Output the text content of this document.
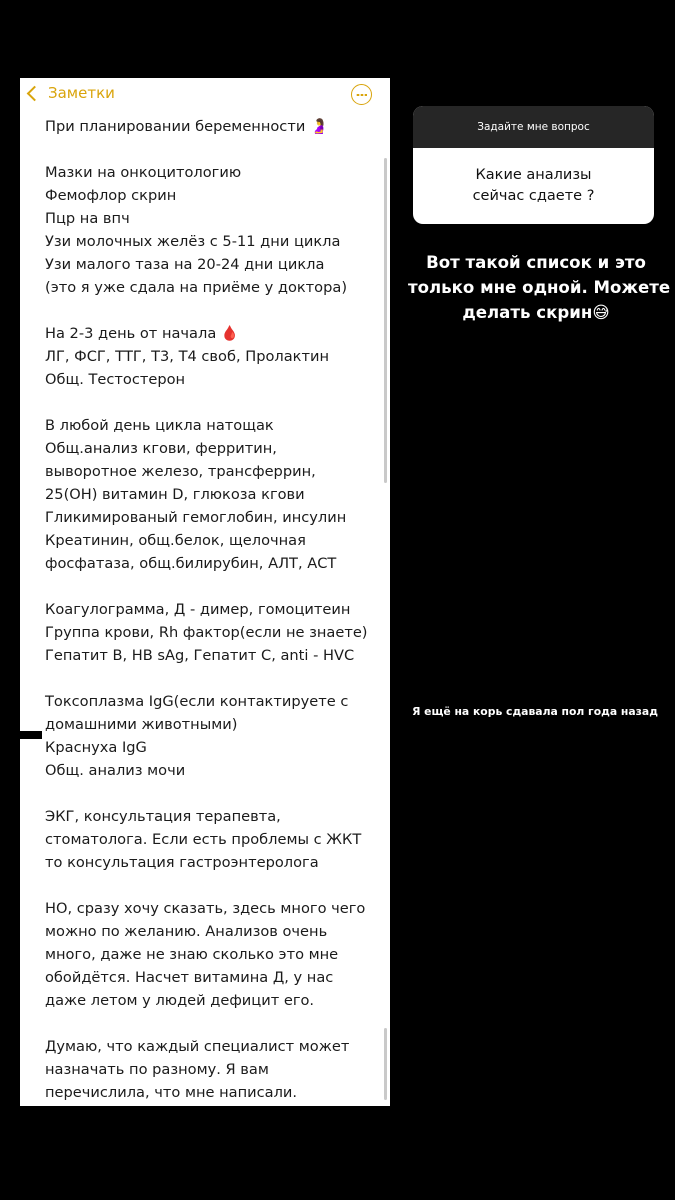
Заметки

При планировании беременности 🤰

Мазки на онкоцитологию

Фемофлор скрин

Пцр на впч

Узи молочных желёз с 5-11 дни цикла

Узи малого таза на 20-24 дни цикла

(это я уже сдала на приёме у доктора)

На 2-3 день от начала 🩸

ЛГ, ФСГ, ТТГ, Т3, Т4 своб, Пролактин

Общ. Тестостерон

В любой день цикла натощак

Общ.анализ кгови, ферритин,

выворотное железо, трансферрин,

25(ОН) витамин D, глюкоза кгови

Гликимированый гемоглобин, инсулин

Креатинин, общ.белок, щелочная

фосфатаза, общ.билирубин, АЛТ, АСТ

Коагулограмма, Д - димер, гомоцитеин

Группа крови, Rh фактор(если не знаете)

Гепатит В, HB sAg, Гепатит С, anti - HVC

Токсоплазма IgG(если контактируете с

домашними животными)

Краснуха IgG

Общ. анализ мочи

ЭКГ, консультация терапевта,

стоматолога. Если есть проблемы с ЖКТ

то консультация гастроэнтеролога

НО, сразу хочу сказать, здесь много чего

можно по желанию. Анализов очень

много, даже не знаю сколько это мне

обойдётся. Насчет витамина Д, у нас

даже летом у людей дефицит его.

Думаю, что каждый специалист может

назначать по разному. Я вам

перечислила, что мне написали.

Задайте мне вопрос
Какие анализы
сейчас сдаете ?

Вот такой список и это

только мне одной. Можете

делать скрин😅

Я ещё на корь сдавала пол года назад
